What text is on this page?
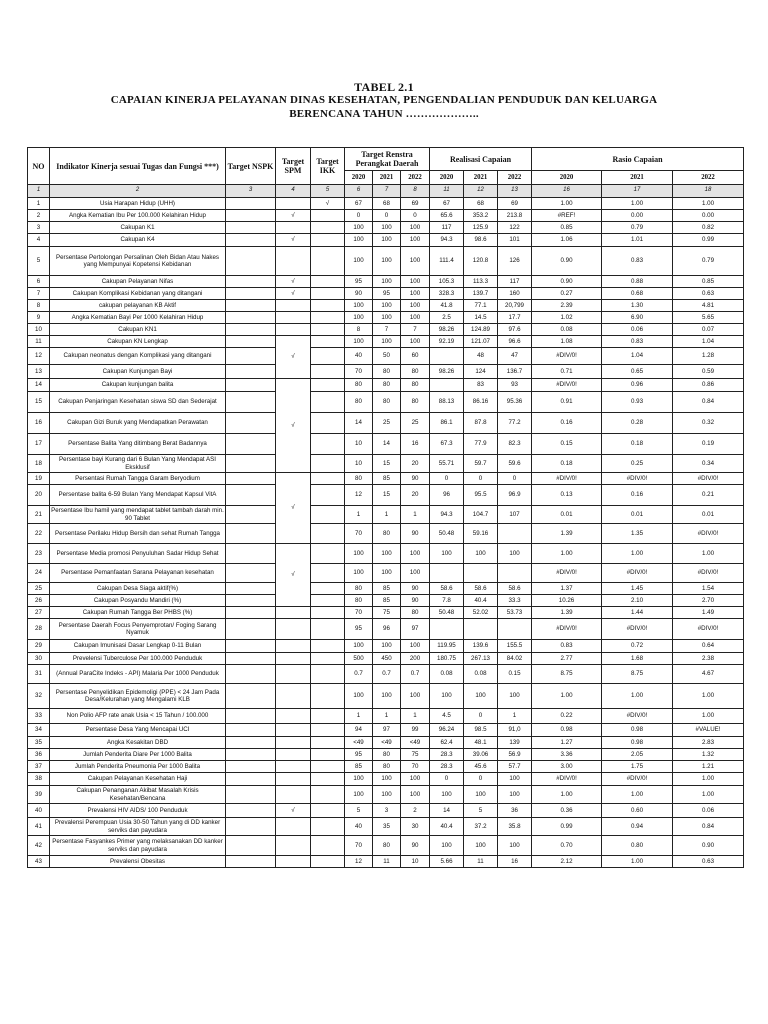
TABEL 2.1
CAPAIAN KINERJA PELAYANAN DINAS KESEHATAN, PENGENDALIAN PENDUDUK DAN KELUARGA
BERENCANA TAHUN ………………..
NO	Indikator Kinerja sesuai Tugas dan Fungsi ***)	Target NSPK	Target SPM	Target IKK	Target Renstra Perangkat Daerah			Realisasi Capaian			Rasio Capaian		
					2020	2021	2022	2020	2021	2022	2020	2021	2022
1	2	3	4	5	6	7	8	11	12	13	16	17	18
1	Usia Harapan Hidup (UHH)			√	67	68	69	67	68	69	1.00	1.00	1.00
2	Angka Kematian Ibu Per 100.000 Kelahiran Hidup		√		0	0	0	65.6	353.2	213.8	#REF!	0.00	0.00
3	Cakupan K1				100	100	100	117	125.9	122	0.85	0.79	0.82
4	Cakupan K4		√		100	100	100	94.3	98.6	101	1.06	1.01	0.99
5	Persentase Pertolongan Persalinan Oleh Bidan Atau Nakes yang Mempunyai Kopetensi Kebidanan				100	100	100	111.4	120.8	126	0.90	0.83	0.79
6	Cakupan Pelayanan Nifas		√		95	100	100	105.3	113.3	117	0.90	0.88	0.85
7	Cakupan Komplikasi Kebidanan yang ditangani		√		90	95	100	328.3	139.7	160	0.27	0.68	0.63
8	cakupan pelayanan KB Aktif				100	100	100	41.8	77.1	20,799	2.39	1.30	4.81
9	Angka Kematian Bayi Per 1000 Kelahiran Hidup				100	100	100	2.5	14.5	17.7	1.02	6.90	5.65
10	Cakupan KN1				8	7	7	98.26	124.89	97.6	0.08	0.06	0.07
11	Cakupan KN Lengkap		√		100	100	100	92.19	121.07	96.6	1.08	0.83	1.04
12	Cakupan neonatus dengan Komplikasi yang ditangani				40	50	60		48	47	#DIV/0!	1.04	1.28
13	Cakupan Kunjungan Bayi				70	80	80	98.26	124	136.7	0.71	0.65	0.59
14	Cakupan kunjungan balita		√		80	80	80		83	93	#DIV/0!	0.96	0.86
15	Cakupan Penjaringan Kesehatan siswa SD dan Sederajat				80	80	80	88.13	86.16	95.36	0.91	0.93	0.84
16	Cakupan Gizi Buruk yang Mendapatkan Perawatan				14	25	25	86.1	87.8	77.2	0.16	0.28	0.32
17	Persentase Balita Yang ditimbang Berat Badannya				10	14	16	67.3	77.9	82.3	0.15	0.18	0.19
18	Persentase bayi Kurang dari 6 Bulan Yang Mendapat ASI Eksklusif				10	15	20	55.71	59.7	59.6	0.18	0.25	0.34
19	Persentasi Rumah Tangga Garam Beryodium		√		80	85	90	0	0	0	#DIV/0!	#DIV/0!	#DIV/0!
20	Persentase balita 6-59 Bulan Yang Mendapat Kapsul VitA				12	15	20	96	95.5	96.9	0.13	0.16	0.21
21	Persentase Ibu hamil yang mendapat tablet tambah darah min. 90 Tablet				1	1	1	94.3	104.7	107	0.01	0.01	0.01
22	Persentase Perilaku Hidup Bersih dan sehat Rumah Tangga				70	80	90	50.48	59.16		1.39	1.35	#DIV/0!
23	Persentase Media promosi Penyuluhan Sadar Hidup Sehat		√		100	100	100	100	100	100	1.00	1.00	1.00
24	Persentase Pemanfaatan Sarana Pelayanan kesehatan				100	100	100				#DIV/0!	#DIV/0!	#DIV/0!
25	Cakupan Desa Siaga aktif(%)				80	85	90	58.6	58.6	58.6	1.37	1.45	1.54
26	Cakupan Posyandu Mandiri (%)				80	85	90	7.8	40.4	33.3	10.26	2.10	2.70
27	Cakupan Rumah Tangga Ber PHBS (%)				70	75	80	50.48	52.02	53.73	1.39	1.44	1.49
28	Persentase Daerah Focus Penyemprotan/ Foging Sarang Nyamuk				95	96	97				#DIV/0!	#DIV/0!	#DIV/0!
29	Cakupan Imunisasi Dasar Lengkap 0-11 Bulan				100	100	100	119.95	139.6	155.5	0.83	0.72	0.64
30	Prevelensi Tuberculose Per 100.000 Penduduk				500	450	200	180.75	267.13	84.02	2.77	1.68	2.38
31	(Annual ParaCite Indeks - API) Malaria Per 1000 Penduduk				0.7	0.7	0.7	0.08	0.08	0.15	8.75	8.75	4.67
32	Persentase Penyelidikan Epidemoligi (PPE) < 24 Jam Pada Desa/Kelurahan yang Mengalami KLB				100	100	100	100	100	100	1.00	1.00	1.00
33	Non Polio AFP rate anak Usia < 15 Tahun / 100.000				1	1	1	4.5	0	1	0.22	#DIV/0!	1.00
34	Persentase Desa Yang Mencapai UCI				94	97	99	96.24	98.5	91,0	0.98	0.98	#VALUE!
35	Angka Kesakitan DBD				<49	<49	<49	62.4	48.1	139	1.27	0.98	2.83
36	Jumlah Penderita Diare Per 1000 Balita				95	80	75	28.3	39.06	56.9	3.36	2.05	1.32
37	Jumlah Penderita Pneumonia Per 1000 Balita				85	80	70	28.3	45.6	57.7	3.00	1.75	1.21
38	Cakupan Pelayanan Kesehatan Haji				100	100	100	0	0	100	#DIV/0!	#DIV/0!	1.00
39	Cakupan Penanganan Akibat Masalah Krisis Kesehatan/Bencana				100	100	100	100	100	100	1.00	1.00	1.00
40	Prevalensi HIV AIDS/ 100 Penduduk		√		5	3	2	14	5	36	0.36	0.60	0.06
41	Prevalensi Perempuan Usia 30-50 Tahun yang di DD kanker serviks dan payudara				40	35	30	40.4	37.2	35.8	0.99	0.94	0.84
42	Persentase Fasyankes Primer yang melaksanakan DD kanker serviks dan payudara				70	80	90	100	100	100	0.70	0.80	0.90
43	Prevalensi Obesitas				12	11	10	5.66	11	16	2.12	1.00	0.63
